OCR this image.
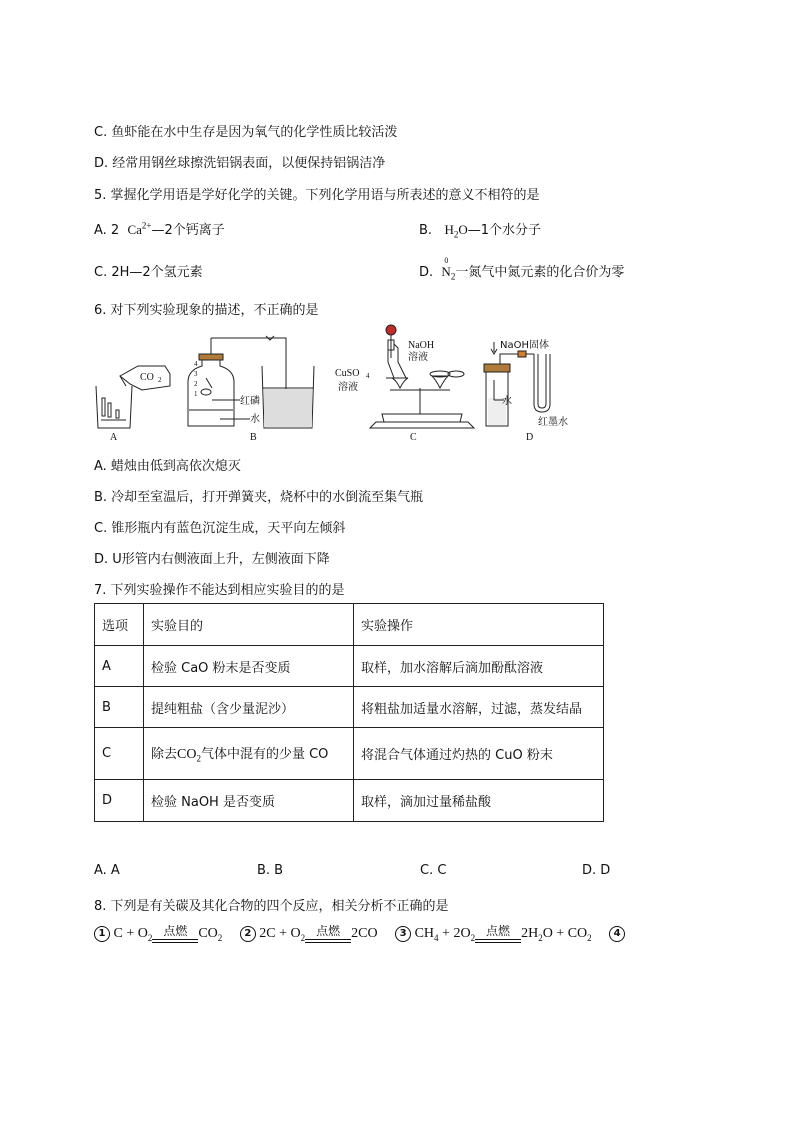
C. 鱼虾能在水中生存是因为氧气的化学性质比较活泼
D. 经常用钢丝球擦洗铝锅表面，以便保持铝锅洁净
5. 掌握化学用语是学好化学的关键。下列化学用语与所表述的意义不相符的是
A. 2 $Ca^{2+}—2$个钙离子	B. $H_2O—1$个水分子
C. 2H—2个氢元素	D.
0
$N_2$一氮气中氮元素的化合价为零
6. 对下列实验现象的描述，不正确的是
CO 2
A
4
3
2
1
红磷
水
B
NaOH
溶液
CuSO 4
溶液
C
水
NaOH固体
红墨水
D
A. 蜡烛由低到高依次熄灭
B. 冷却至室温后，打开弹簧夹，烧杯中的水倒流至集气瓶
C. 锥形瓶内有蓝色沉淀生成，天平向左倾斜
D. U形管内右侧液面上升，左侧液面下降
7. 下列实验操作不能达到相应实验目的的是
选项	实验目的	实验操作
A	检验 CaO 粉末是否变质	取样，加水溶解后滴加酚酞溶液
B	提纯粗盐（含少量泥沙）	将粗盐加适量水溶解，过滤，蒸发结晶
C	除去$CO_2$气体中混有的少量 CO	将混合气体通过灼热的 CuO 粉末
D	检验 NaOH 是否变质	取样，滴加过量稀盐酸
A. A	B. B	C. C	D. D
8. 下列是有关碳及其化合物的四个反应，相关分析不正确的是
1 $C + O_2$ 点燃 $CO_2$ 2 $2C + O_2$ 点燃 2CO 3 $CH_4 + 2O_2$ 点燃 $2H_2O + CO_2$ 4
